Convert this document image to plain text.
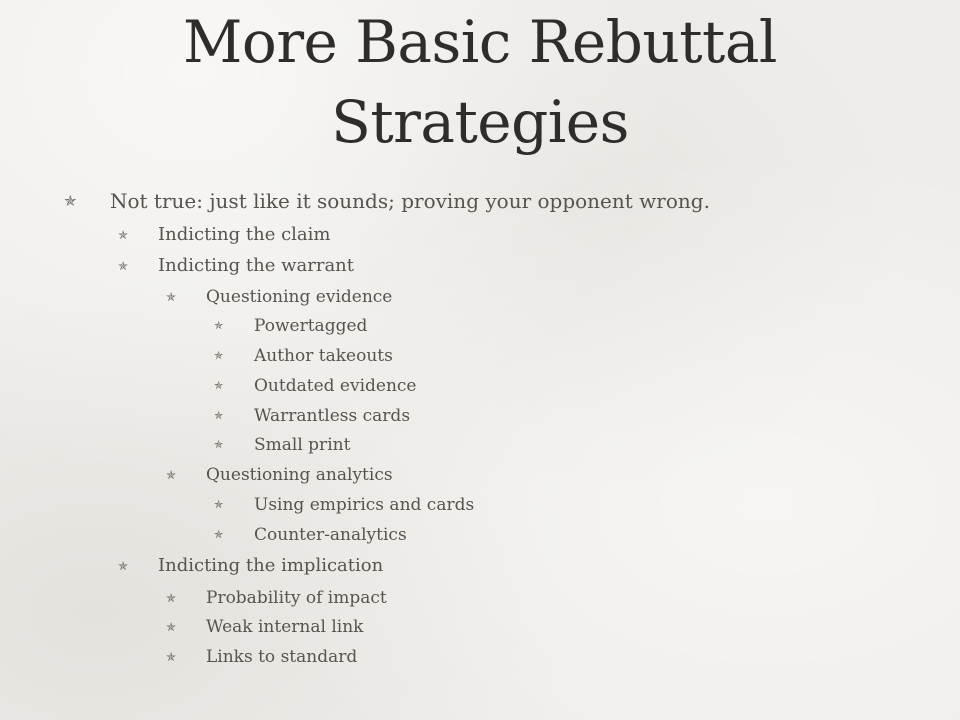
More Basic Rebuttal
Strategies
✯ Not true: just like it sounds; proving your opponent wrong.
✯ Indicting the claim
✯ Indicting the warrant
✯ Questioning evidence
✯ Powertagged
✯ Author takeouts
✯ Outdated evidence
✯ Warrantless cards
✯ Small print
✯ Questioning analytics
✯ Using empirics and cards
✯ Counter-analytics
✯ Indicting the implication
✯ Probability of impact
✯ Weak internal link
✯ Links to standard
